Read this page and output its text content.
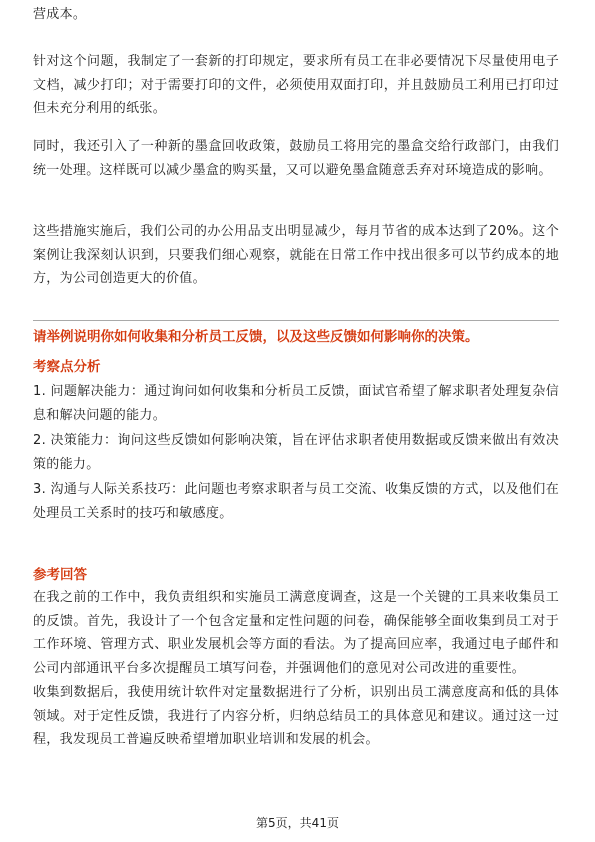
营成本。

针对这个问题，我制定了一套新的打印规定，要求所有员工在非必要情况下尽量使用电子文档，减少打印；对于需要打印的文件，必须使用双面打印，并且鼓励员工利用已打印过但未充分利用的纸张。

同时，我还引入了一种新的墨盒回收政策，鼓励员工将用完的墨盒交给行政部门，由我们统一处理。这样既可以减少墨盒的购买量，又可以避免墨盒随意丢弃对环境造成的影响。

这些措施实施后，我们公司的办公用品支出明显减少，每月节省的成本达到了20%。这个案例让我深刻认识到，只要我们细心观察，就能在日常工作中找出很多可以节约成本的地方，为公司创造更大的价值。

请举例说明你如何收集和分析员工反馈，以及这些反馈如何影响你的决策。
考察点分析

1. 问题解决能力：通过询问如何收集和分析员工反馈，面试官希望了解求职者处理复杂信息和解决问题的能力。

2. 决策能力：询问这些反馈如何影响决策，旨在评估求职者使用数据或反馈来做出有效决策的能力。

3. 沟通与人际关系技巧：此问题也考察求职者与员工交流、收集反馈的方式，以及他们在处理员工关系时的技巧和敏感度。

参考回答

在我之前的工作中，我负责组织和实施员工满意度调查，这是一个关键的工具来收集员工的反馈。首先，我设计了一个包含定量和定性问题的问卷，确保能够全面收集到员工对于工作环境、管理方式、职业发展机会等方面的看法。为了提高回应率，我通过电子邮件和公司内部通讯平台多次提醒员工填写问卷，并强调他们的意见对公司改进的重要性。

收集到数据后，我使用统计软件对定量数据进行了分析，识别出员工满意度高和低的具体领域。对于定性反馈，我进行了内容分析，归纳总结员工的具体意见和建议。通过这一过程，我发现员工普遍反映希望增加职业培训和发展的机会。

第5页，共41页
